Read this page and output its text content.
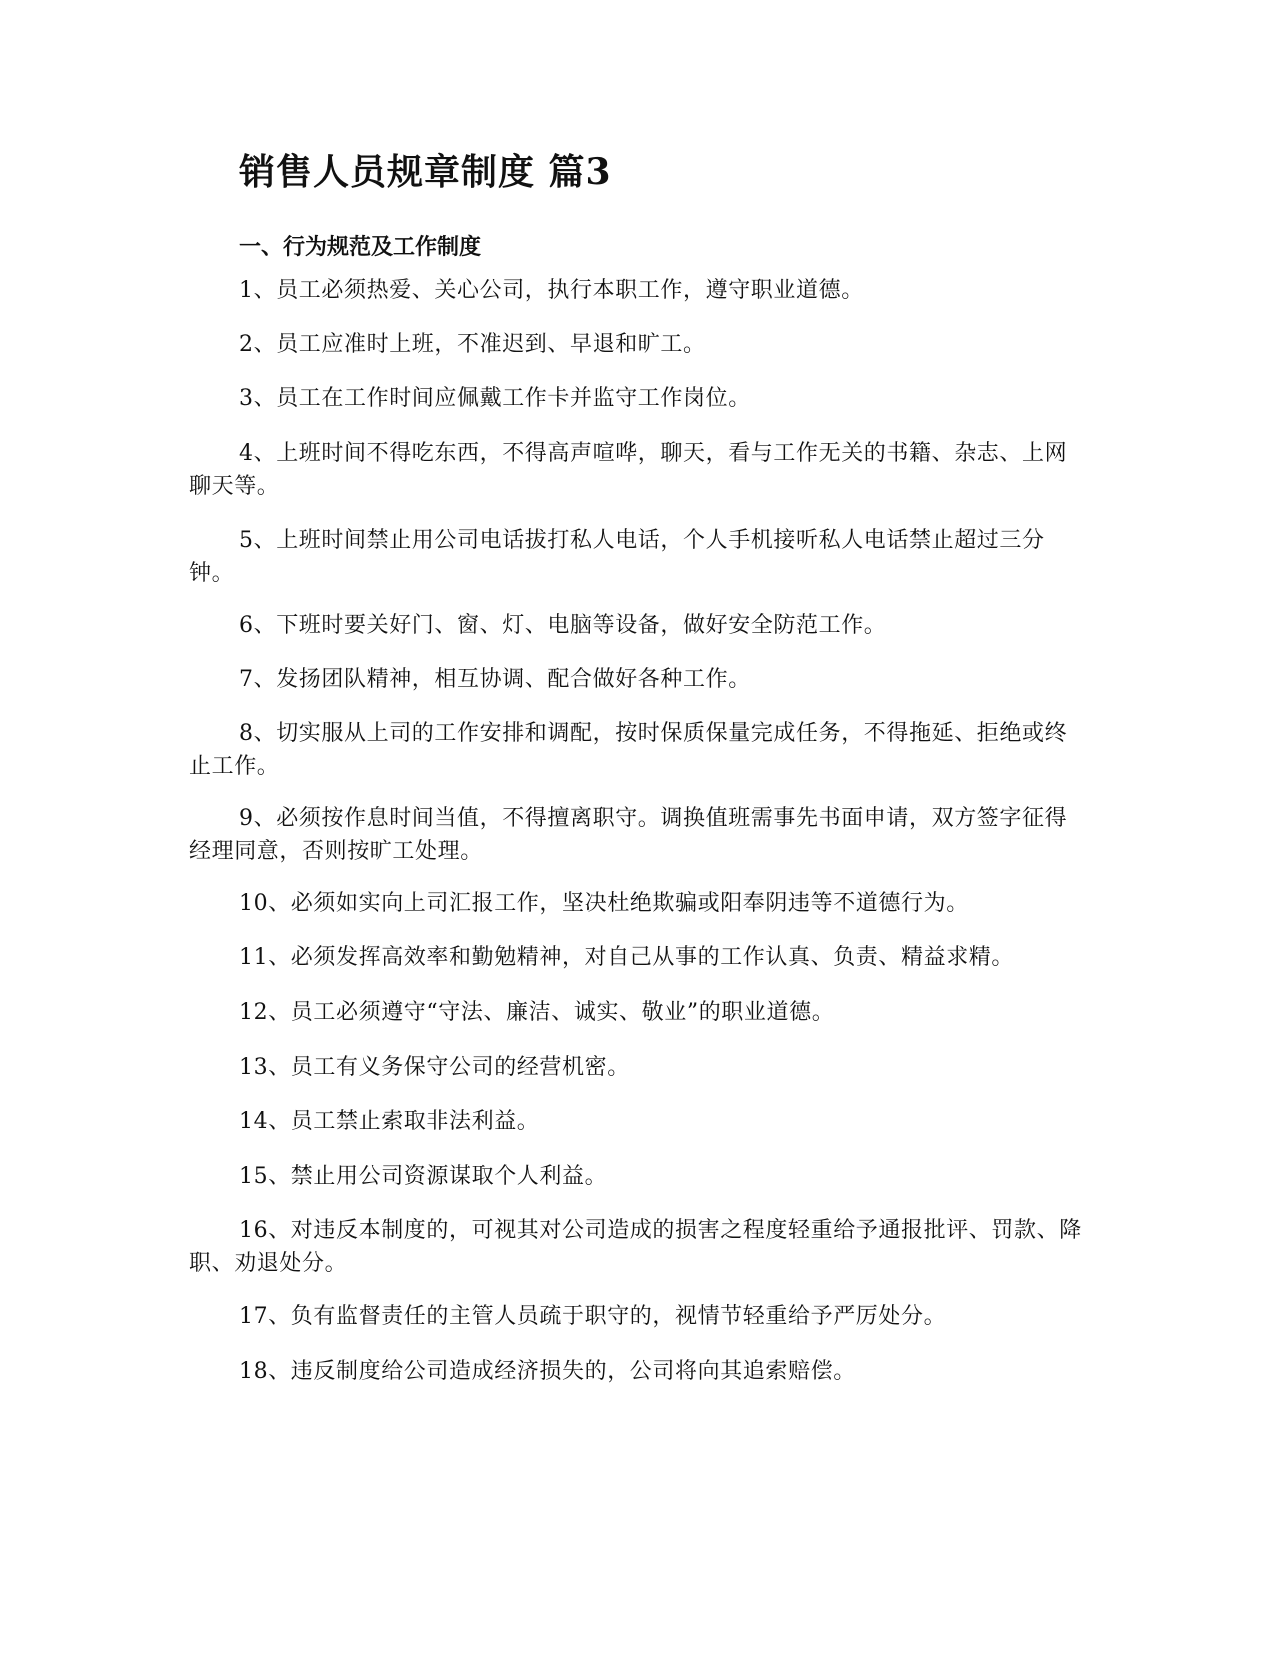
销售人员规章制度 篇3
一、行为规范及工作制度

1、员工必须热爱、关心公司，执行本职工作，遵守职业道德。

2、员工应准时上班，不准迟到、早退和旷工。

3、员工在工作时间应佩戴工作卡并监守工作岗位。

4、上班时间不得吃东西，不得高声喧哗，聊天，看与工作无关的书籍、杂志、上网聊天等。

5、上班时间禁止用公司电话拔打私人电话，个人手机接听私人电话禁止超过三分钟。

6、下班时要关好门、窗、灯、电脑等设备，做好安全防范工作。

7、发扬团队精神，相互协调、配合做好各种工作。

8、切实服从上司的工作安排和调配，按时保质保量完成任务，不得拖延、拒绝或终止工作。

9、必须按作息时间当值，不得擅离职守。调换值班需事先书面申请，双方签字征得经理同意，否则按旷工处理。

10、必须如实向上司汇报工作，坚决杜绝欺骗或阳奉阴违等不道德行为。

11、必须发挥高效率和勤勉精神，对自己从事的工作认真、负责、精益求精。

12、员工必须遵守“守法、廉洁、诚实、敬业”的职业道德。

13、员工有义务保守公司的经营机密。

14、员工禁止索取非法利益。

15、禁止用公司资源谋取个人利益。

16、对违反本制度的，可视其对公司造成的损害之程度轻重给予通报批评、罚款、降职、劝退处分。

17、负有监督责任的主管人员疏于职守的，视情节轻重给予严厉处分。

18、违反制度给公司造成经济损失的，公司将向其追索赔偿。
